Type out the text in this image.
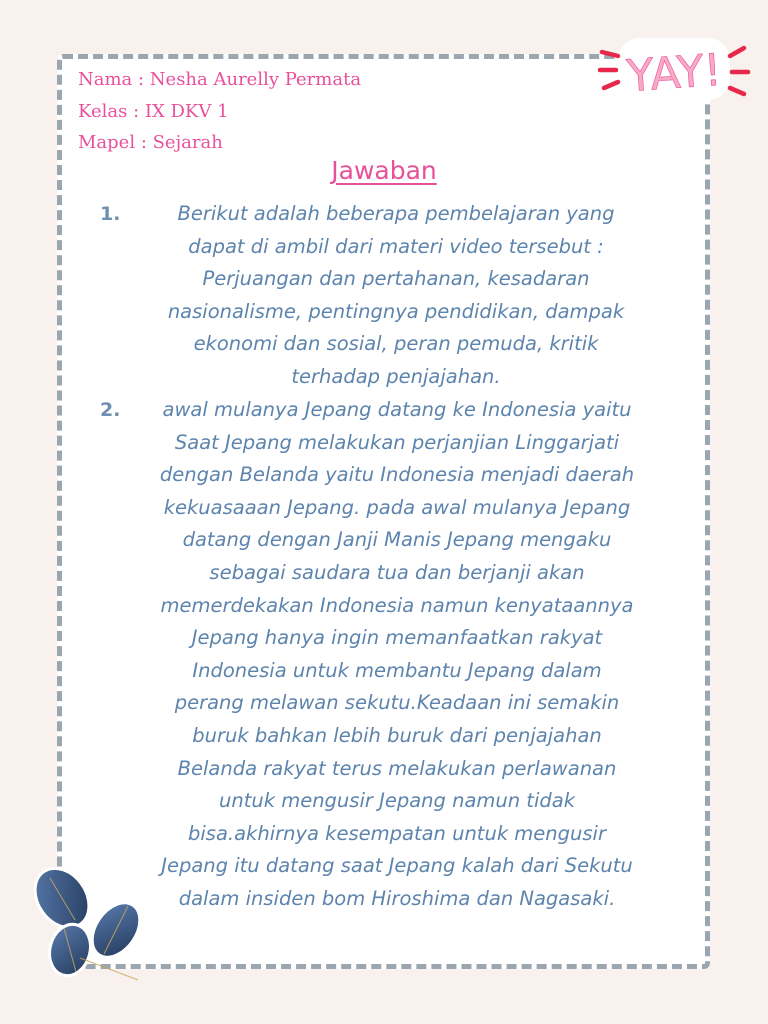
YAY!
Nama : Nesha Aurelly Permata
Kelas : IX DKV 1
Mapel : Sejarah
Jawaban
1.	Berikut adalah beberapa pembelajaran yang
dapat di ambil dari materi video tersebut :
Perjuangan dan pertahanan, kesadaran
nasionalisme, pentingnya pendidikan, dampak
ekonomi dan sosial, peran pemuda, kritik
terhadap penjajahan.
2.	awal mulanya Jepang datang ke Indonesia yaitu
Saat Jepang melakukan perjanjian Linggarjati
dengan Belanda yaitu Indonesia menjadi daerah
kekuasaaan Jepang. pada awal mulanya Jepang
datang dengan Janji Manis Jepang mengaku
sebagai saudara tua dan berjanji akan
memerdekakan Indonesia namun kenyataannya
Jepang hanya ingin memanfaatkan rakyat
Indonesia untuk membantu Jepang dalam
perang melawan sekutu.Keadaan ini semakin
buruk bahkan lebih buruk dari penjajahan
Belanda rakyat terus melakukan perlawanan
untuk mengusir Jepang namun tidak
bisa.akhirnya kesempatan untuk mengusir
Jepang itu datang saat Jepang kalah dari Sekutu
dalam insiden bom Hiroshima dan Nagasaki.
